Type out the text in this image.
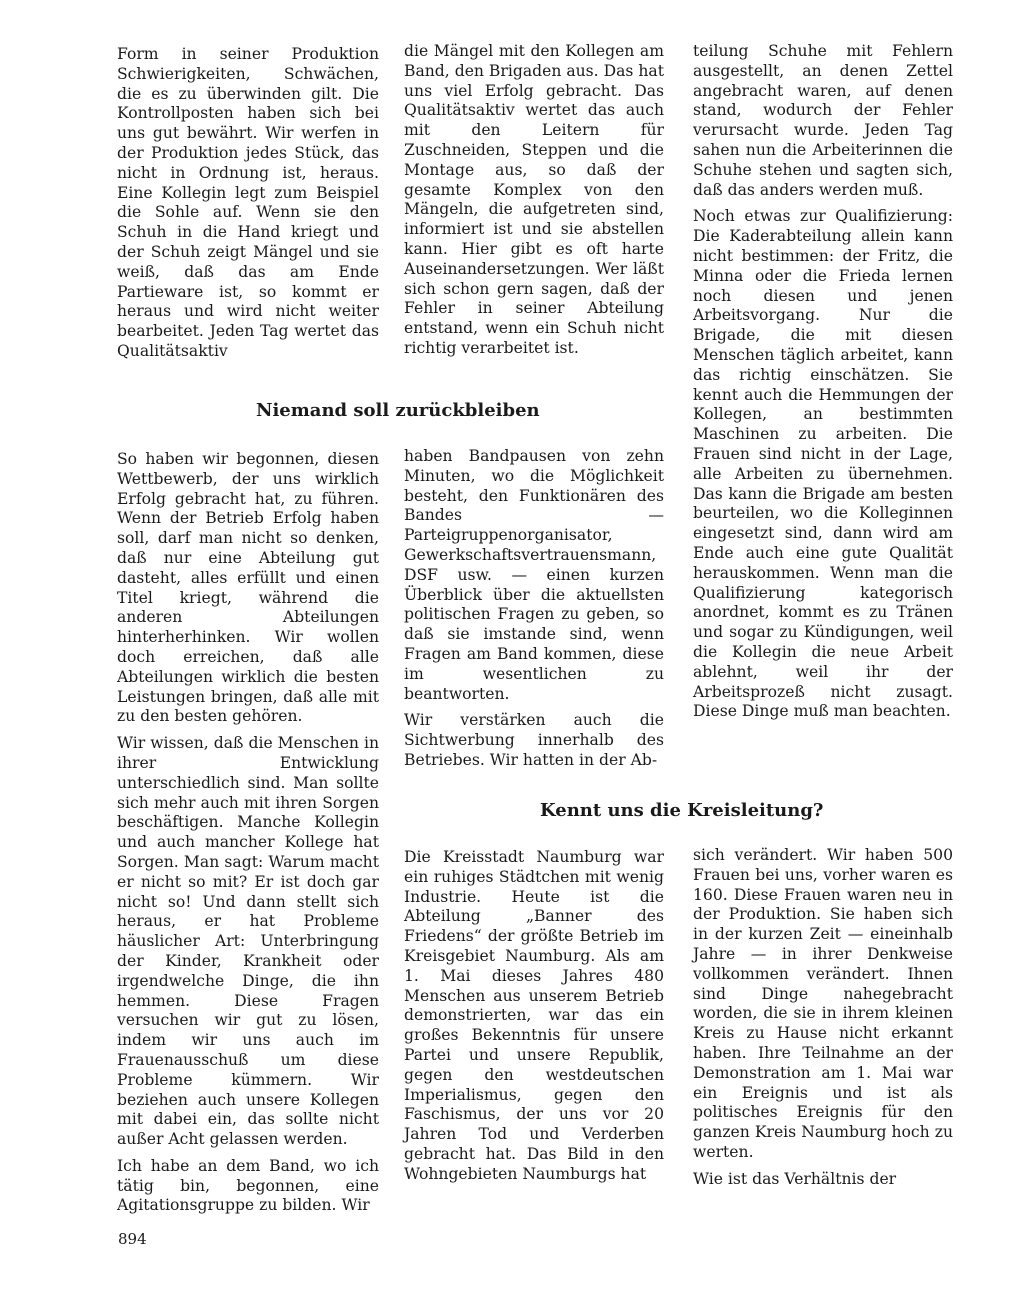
Form in seiner Produktion Schwierigkeiten, Schwächen, die es zu überwinden gilt. Die Kontrollposten haben sich bei uns gut bewährt. Wir werfen in der Produktion jedes Stück, das nicht in Ordnung ist, heraus. Eine Kollegin legt zum Beispiel die Sohle auf. Wenn sie den Schuh in die Hand kriegt und der Schuh zeigt Mängel und sie weiß, daß das am Ende Partieware ist, so kommt er heraus und wird nicht weiter bearbeitet. Jeden Tag wertet das Qualitätsaktiv

die Mängel mit den Kollegen am Band, den Brigaden aus. Das hat uns viel Erfolg gebracht. Das Qualitätsaktiv wertet das auch mit den Leitern für Zuschneiden, Steppen und die Montage aus, so daß der gesamte Komplex von den Mängeln, die aufgetreten sind, informiert ist und sie abstellen kann. Hier gibt es oft harte Auseinandersetzungen. Wer läßt sich schon gern sagen, daß der Fehler in seiner Abteilung entstand, wenn ein Schuh nicht richtig verarbeitet ist.

teilung Schuhe mit Fehlern ausgestellt, an denen Zettel angebracht waren, auf denen stand, wodurch der Fehler verursacht wurde. Jeden Tag sahen nun die Arbeiterinnen die Schuhe stehen und sagten sich, daß das anders werden muß.

Noch etwas zur Qualifizierung: Die Kaderabteilung allein kann nicht bestimmen: der Fritz, die Minna oder die Frieda lernen noch diesen und jenen Arbeitsvorgang. Nur die Brigade, die mit diesen Menschen täglich arbeitet, kann das richtig einschätzen. Sie kennt auch die Hemmungen der Kollegen, an bestimmten Maschinen zu arbeiten. Die Frauen sind nicht in der Lage, alle Arbeiten zu übernehmen. Das kann die Brigade am besten beurteilen, wo die Kolleginnen eingesetzt sind, dann wird am Ende auch eine gute Qualität herauskommen. Wenn man die Qualifizierung kategorisch anordnet, kommt es zu Tränen und sogar zu Kündigungen, weil die Kollegin die neue Arbeit ablehnt, weil ihr der Arbeitsprozeß nicht zusagt. Diese Dinge muß man beachten.

Niemand soll zurückbleiben

So haben wir begonnen, diesen Wettbewerb, der uns wirklich Erfolg gebracht hat, zu führen. Wenn der Betrieb Erfolg haben soll, darf man nicht so denken, daß nur eine Abteilung gut dasteht, alles erfüllt und einen Titel kriegt, während die anderen Abteilungen hinterherhinken. Wir wollen doch erreichen, daß alle Abteilungen wirklich die besten Leistungen bringen, daß alle mit zu den besten gehören.

Wir wissen, daß die Menschen in ihrer Entwicklung unterschiedlich sind. Man sollte sich mehr auch mit ihren Sorgen beschäftigen. Manche Kollegin und auch mancher Kollege hat Sorgen. Man sagt: Warum macht er nicht so mit? Er ist doch gar nicht so! Und dann stellt sich heraus, er hat Probleme häuslicher Art: Unterbringung der Kinder, Krankheit oder irgendwelche Dinge, die ihn hemmen. Diese Fragen versuchen wir gut zu lösen, indem wir uns auch im Frauenausschuß um diese Probleme kümmern. Wir beziehen auch unsere Kollegen mit dabei ein, das sollte nicht außer Acht gelassen werden.

Ich habe an dem Band, wo ich tätig bin, begonnen, eine Agitationsgruppe zu bilden. Wir

haben Bandpausen von zehn Minuten, wo die Möglichkeit besteht, den Funktionären des Bandes — Parteigruppenorganisator, Gewerkschaftsvertrauensmann, DSF usw. — einen kurzen Überblick über die aktuellsten politischen Fragen zu geben, so daß sie imstande sind, wenn Fragen am Band kommen, diese im wesentlichen zu beantworten.

Wir verstärken auch die Sichtwerbung innerhalb des Betriebes. Wir hatten in der Ab-

Kennt uns die Kreisleitung?

Die Kreisstadt Naumburg war ein ruhiges Städtchen mit wenig Industrie. Heute ist die Abteilung „Banner des Friedens“ der größte Betrieb im Kreisgebiet Naumburg. Als am 1. Mai dieses Jahres 480 Menschen aus unserem Betrieb demonstrierten, war das ein großes Bekenntnis für unsere Partei und unsere Republik, gegen den westdeutschen Imperialismus, gegen den Faschismus, der uns vor 20 Jahren Tod und Verderben gebracht hat. Das Bild in den Wohngebieten Naumburgs hat

sich verändert. Wir haben 500 Frauen bei uns, vorher waren es 160. Diese Frauen waren neu in der Produktion. Sie haben sich in der kurzen Zeit — eineinhalb Jahre — in ihrer Denkweise vollkommen verändert. Ihnen sind Dinge nahegebracht worden, die sie in ihrem kleinen Kreis zu Hause nicht erkannt haben. Ihre Teilnahme an der Demonstration am 1. Mai war ein Ereignis und ist als politisches Ereignis für den ganzen Kreis Naumburg hoch zu werten.

Wie ist das Verhältnis der

894
